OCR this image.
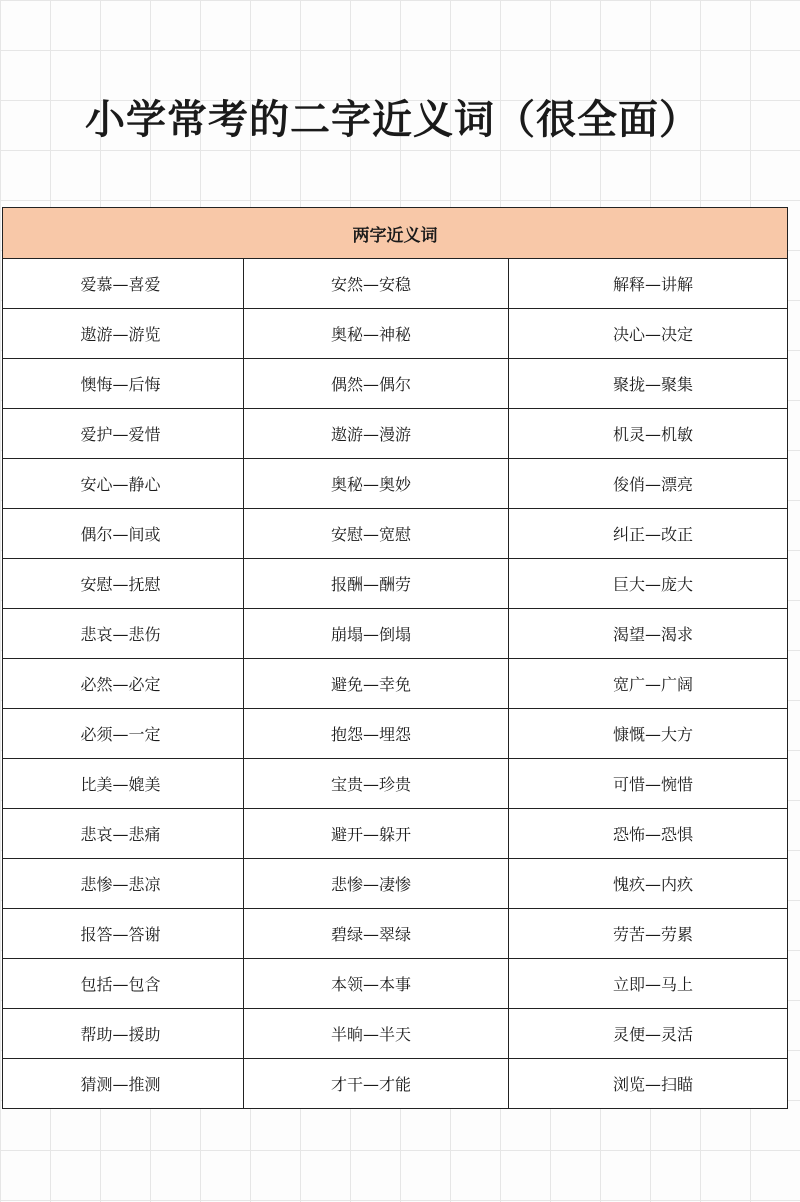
小学常考的二字近义词（很全面）
两字近义词		
爱慕—喜爱	安然—安稳	解释—讲解
遨游—游览	奥秘—神秘	决心—决定
懊悔—后悔	偶然—偶尔	聚拢—聚集
爱护—爱惜	遨游—漫游	机灵—机敏
安心—静心	奥秘—奥妙	俊俏—漂亮
偶尔—间或	安慰—宽慰	纠正—改正
安慰—抚慰	报酬—酬劳	巨大—庞大
悲哀—悲伤	崩塌—倒塌	渴望—渴求
必然—必定	避免—幸免	宽广—广阔
必须—一定	抱怨—埋怨	慷慨—大方
比美—媲美	宝贵—珍贵	可惜—惋惜
悲哀—悲痛	避开—躲开	恐怖—恐惧
悲惨—悲凉	悲惨—凄惨	愧疚—内疚
报答—答谢	碧绿—翠绿	劳苦—劳累
包括—包含	本领—本事	立即—马上
帮助—援助	半晌—半天	灵便—灵活
猜测—推测	才干—才能	浏览—扫瞄
